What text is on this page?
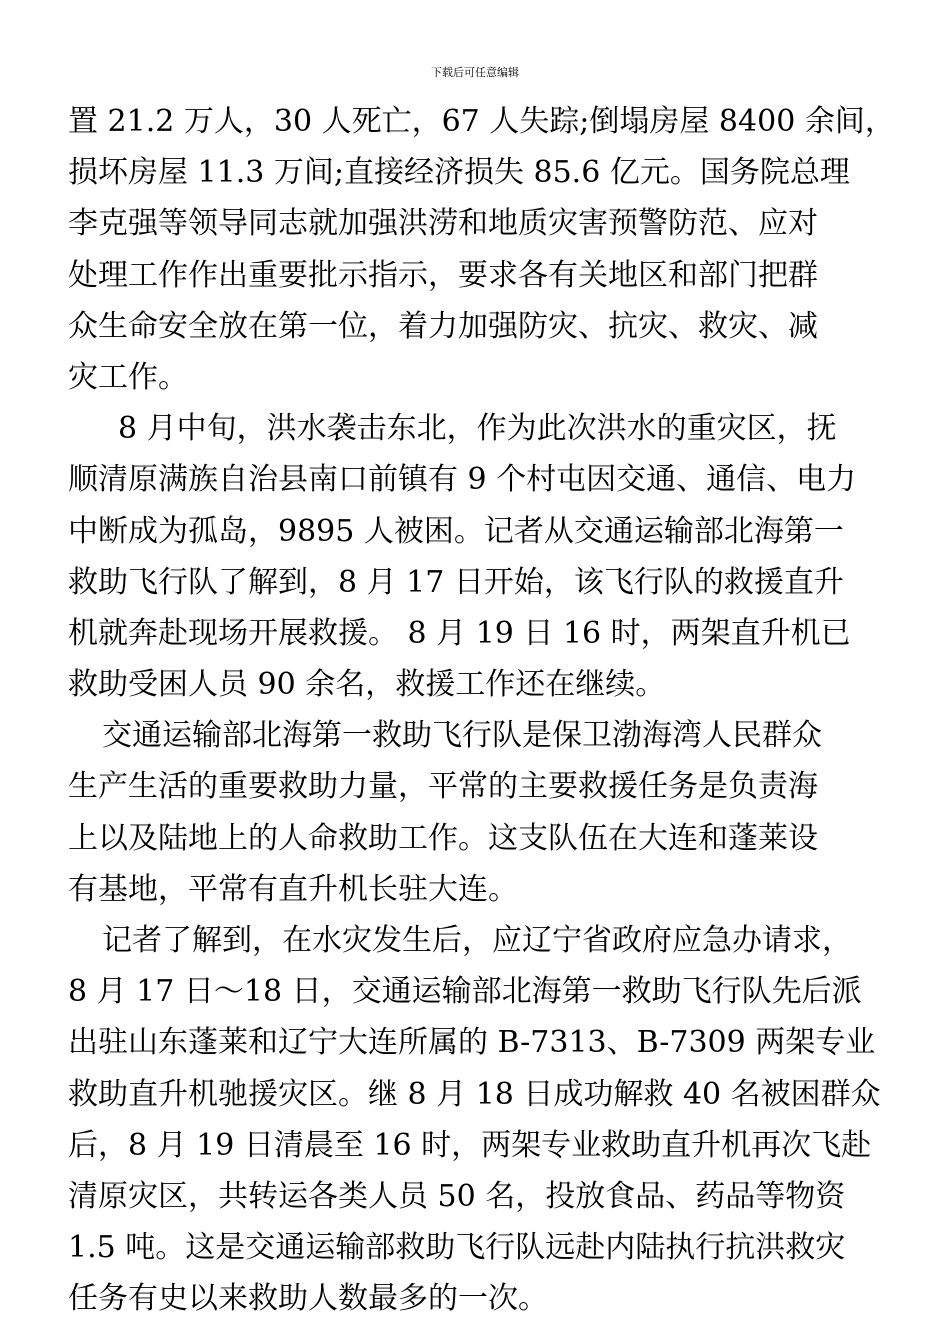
下载后可任意编辑
置 21.2 万人，30 人死亡，67 人失踪;倒塌房屋 8400 余间，
损坏房屋 11.3 万间;直接经济损失 85.6 亿元。国务院总理
李克强等领导同志就加强洪涝和地质灾害预警防范、应对
处理工作作出重要批示指示，要求各有关地区和部门把群
众生命安全放在第一位，着力加强防灾、抗灾、救灾、减
灾工作。
8 月中旬，洪水袭击东北，作为此次洪水的重灾区，抚
顺清原满族自治县南口前镇有 9 个村屯因交通、通信、电力
中断成为孤岛，9895 人被困。记者从交通运输部北海第一
救助飞行队了解到，8 月 17 日开始，该飞行队的救援直升
机就奔赴现场开展救援。 8 月 19 日 16 时，两架直升机已
救助受困人员 90 余名，救援工作还在继续。
交通运输部北海第一救助飞行队是保卫渤海湾人民群众
生产生活的重要救助力量，平常的主要救援任务是负责海
上以及陆地上的人命救助工作。这支队伍在大连和蓬莱设
有基地，平常有直升机长驻大连。
记者了解到，在水灾发生后，应辽宁省政府应急办请求，
8 月 17 日～18 日，交通运输部北海第一救助飞行队先后派
出驻山东蓬莱和辽宁大连所属的 B-7313、B-7309 两架专业
救助直升机驰援灾区。继 8 月 18 日成功解救 40 名被困群众
后，8 月 19 日清晨至 16 时，两架专业救助直升机再次飞赴
清原灾区，共转运各类人员 50 名，投放食品、药品等物资
1.5 吨。这是交通运输部救助飞行队远赴内陆执行抗洪救灾
任务有史以来救助人数最多的一次。
